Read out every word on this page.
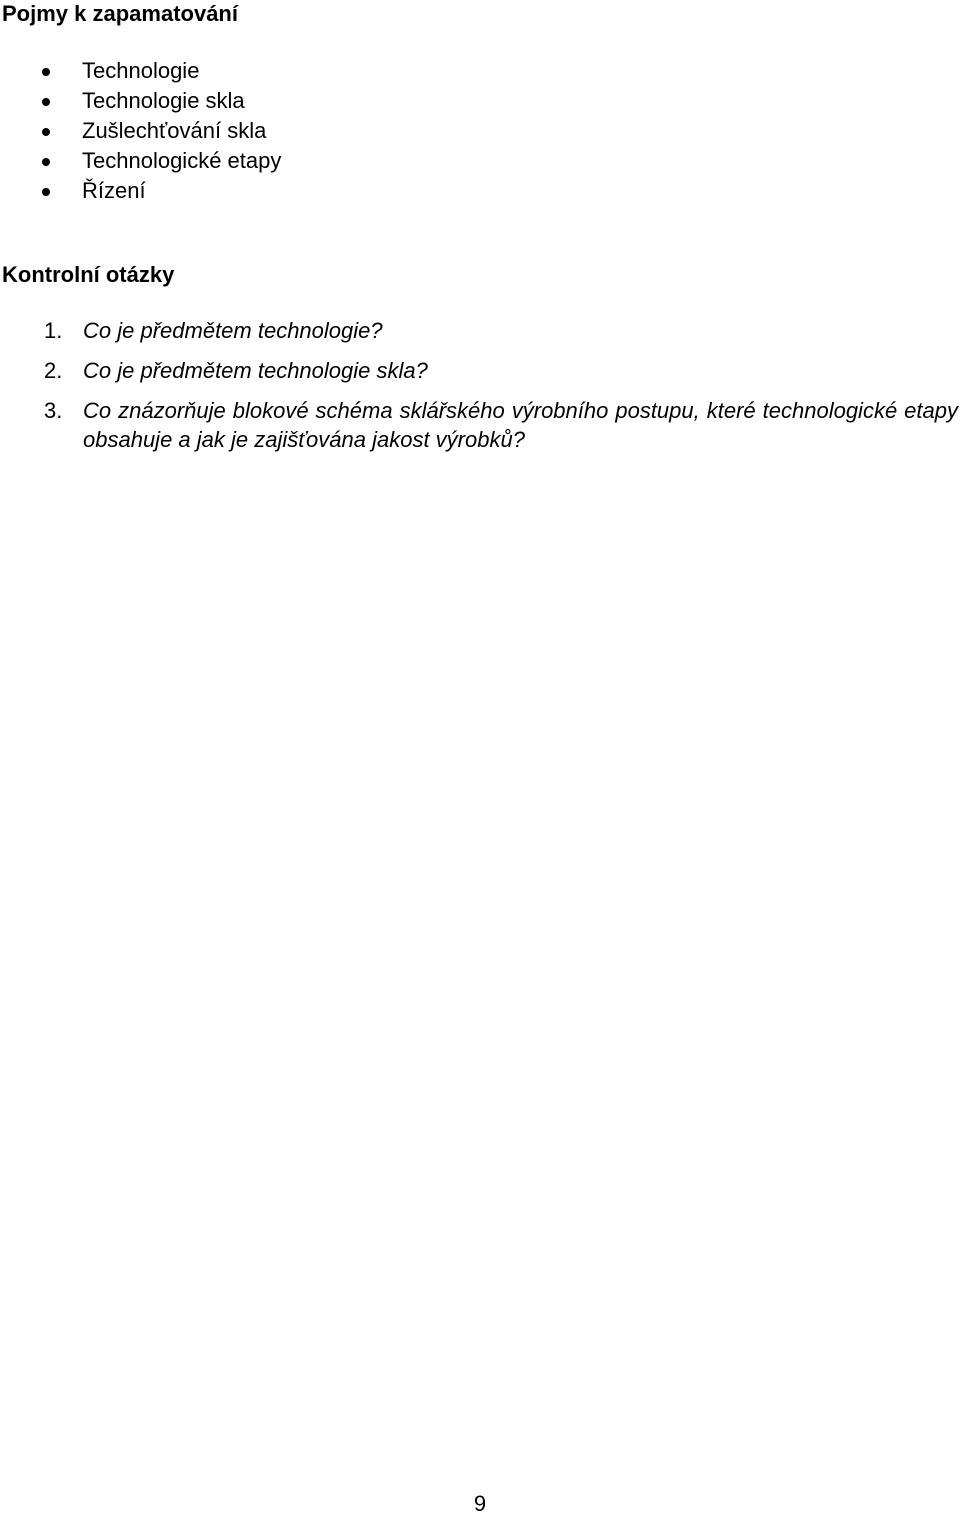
Pojmy k zapamatování
Technologie
Technologie skla
Zušlechťování skla
Technologické etapy
Řízení
Kontrolní otázky
1. Co je předmětem technologie?
2. Co je předmětem technologie skla?
3. Co znázorňuje blokové schéma sklářského výrobního postupu, které technologické etapy obsahuje a jak je zajišťována jakost výrobků?
9
